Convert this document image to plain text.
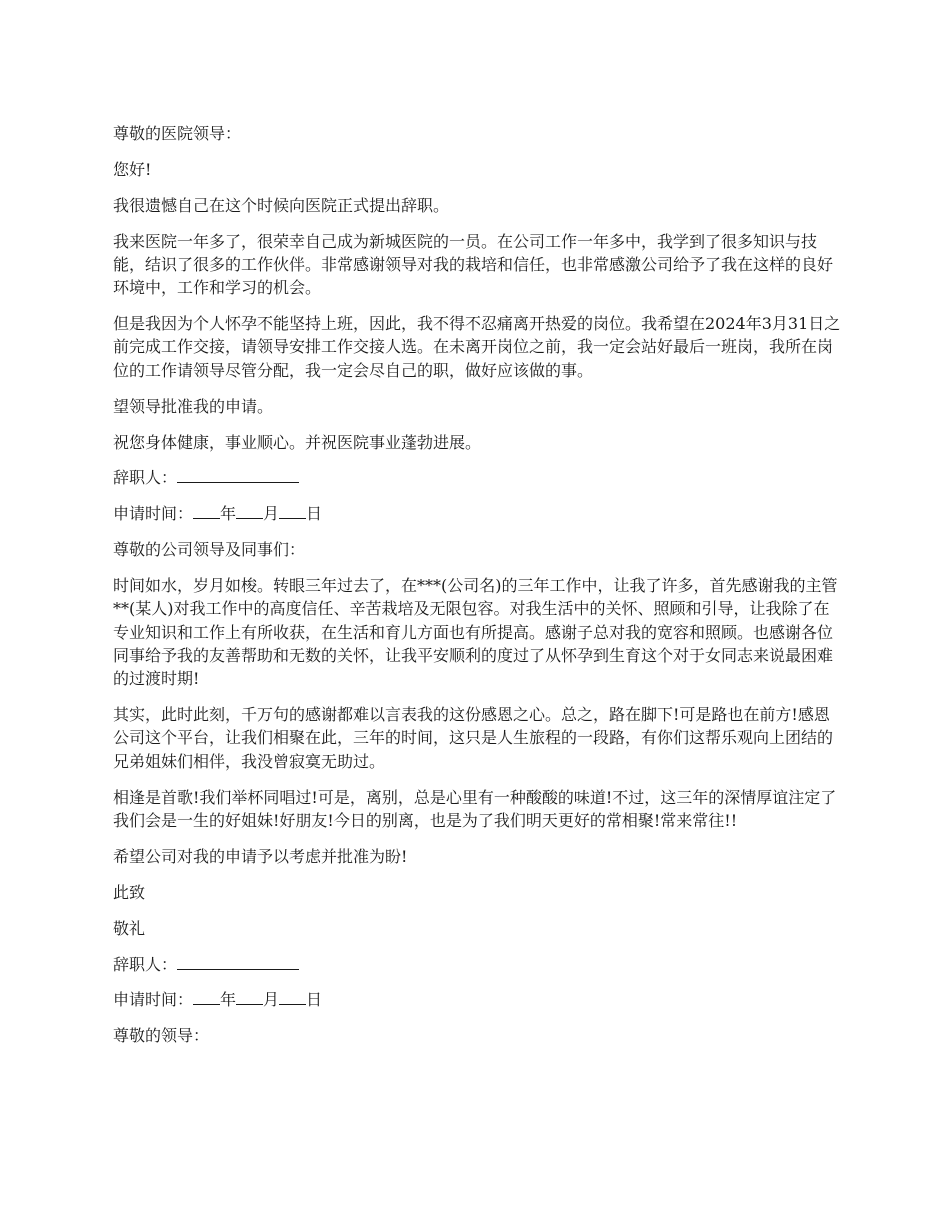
尊敬的医院领导：

您好!

我很遗憾自己在这个时候向医院正式提出辞职。

我来医院一年多了，很荣幸自己成为新城医院的一员。在公司工作一年多中，我学到了很多知识与技能，结识了很多的工作伙伴。非常感谢领导对我的栽培和信任，也非常感激公司给予了我在这样的良好环境中，工作和学习的机会。

但是我因为个人怀孕不能坚持上班，因此，我不得不忍痛离开热爱的岗位。我希望在2024年3月31日之前完成工作交接，请领导安排工作交接人选。在未离开岗位之前，我一定会站好最后一班岗，我所在岗位的工作请领导尽管分配，我一定会尽自己的职，做好应该做的事。

望领导批准我的申请。

祝您身体健康，事业顺心。并祝医院事业蓬勃进展。

辞职人：

申请时间： 年 月 日

尊敬的公司领导及同事们：

时间如水，岁月如梭。转眼三年过去了，在***(公司名)的三年工作中，让我了许多，首先感谢我的主管**(某人)对我工作中的高度信任、辛苦栽培及无限包容。对我生活中的关怀、照顾和引导，让我除了在专业知识和工作上有所收获，在生活和育儿方面也有所提高。感谢子总对我的宽容和照顾。也感谢各位同事给予我的友善帮助和无数的关怀，让我平安顺利的度过了从怀孕到生育这个对于女同志来说最困难的过渡时期!

其实，此时此刻，千万句的感谢都难以言表我的这份感恩之心。总之，路在脚下!可是路也在前方!感恩公司这个平台，让我们相聚在此，三年的时间，这只是人生旅程的一段路，有你们这帮乐观向上团结的兄弟姐妹们相伴，我没曾寂寞无助过。

相逢是首歌!我们举杯同唱过!可是，离别，总是心里有一种酸酸的味道!不过，这三年的深情厚谊注定了我们会是一生的好姐妹!好朋友!今日的别离，也是为了我们明天更好的常相聚!常来常往!!

希望公司对我的申请予以考虑并批准为盼!

此致

敬礼

辞职人：

申请时间： 年 月 日

尊敬的领导：
